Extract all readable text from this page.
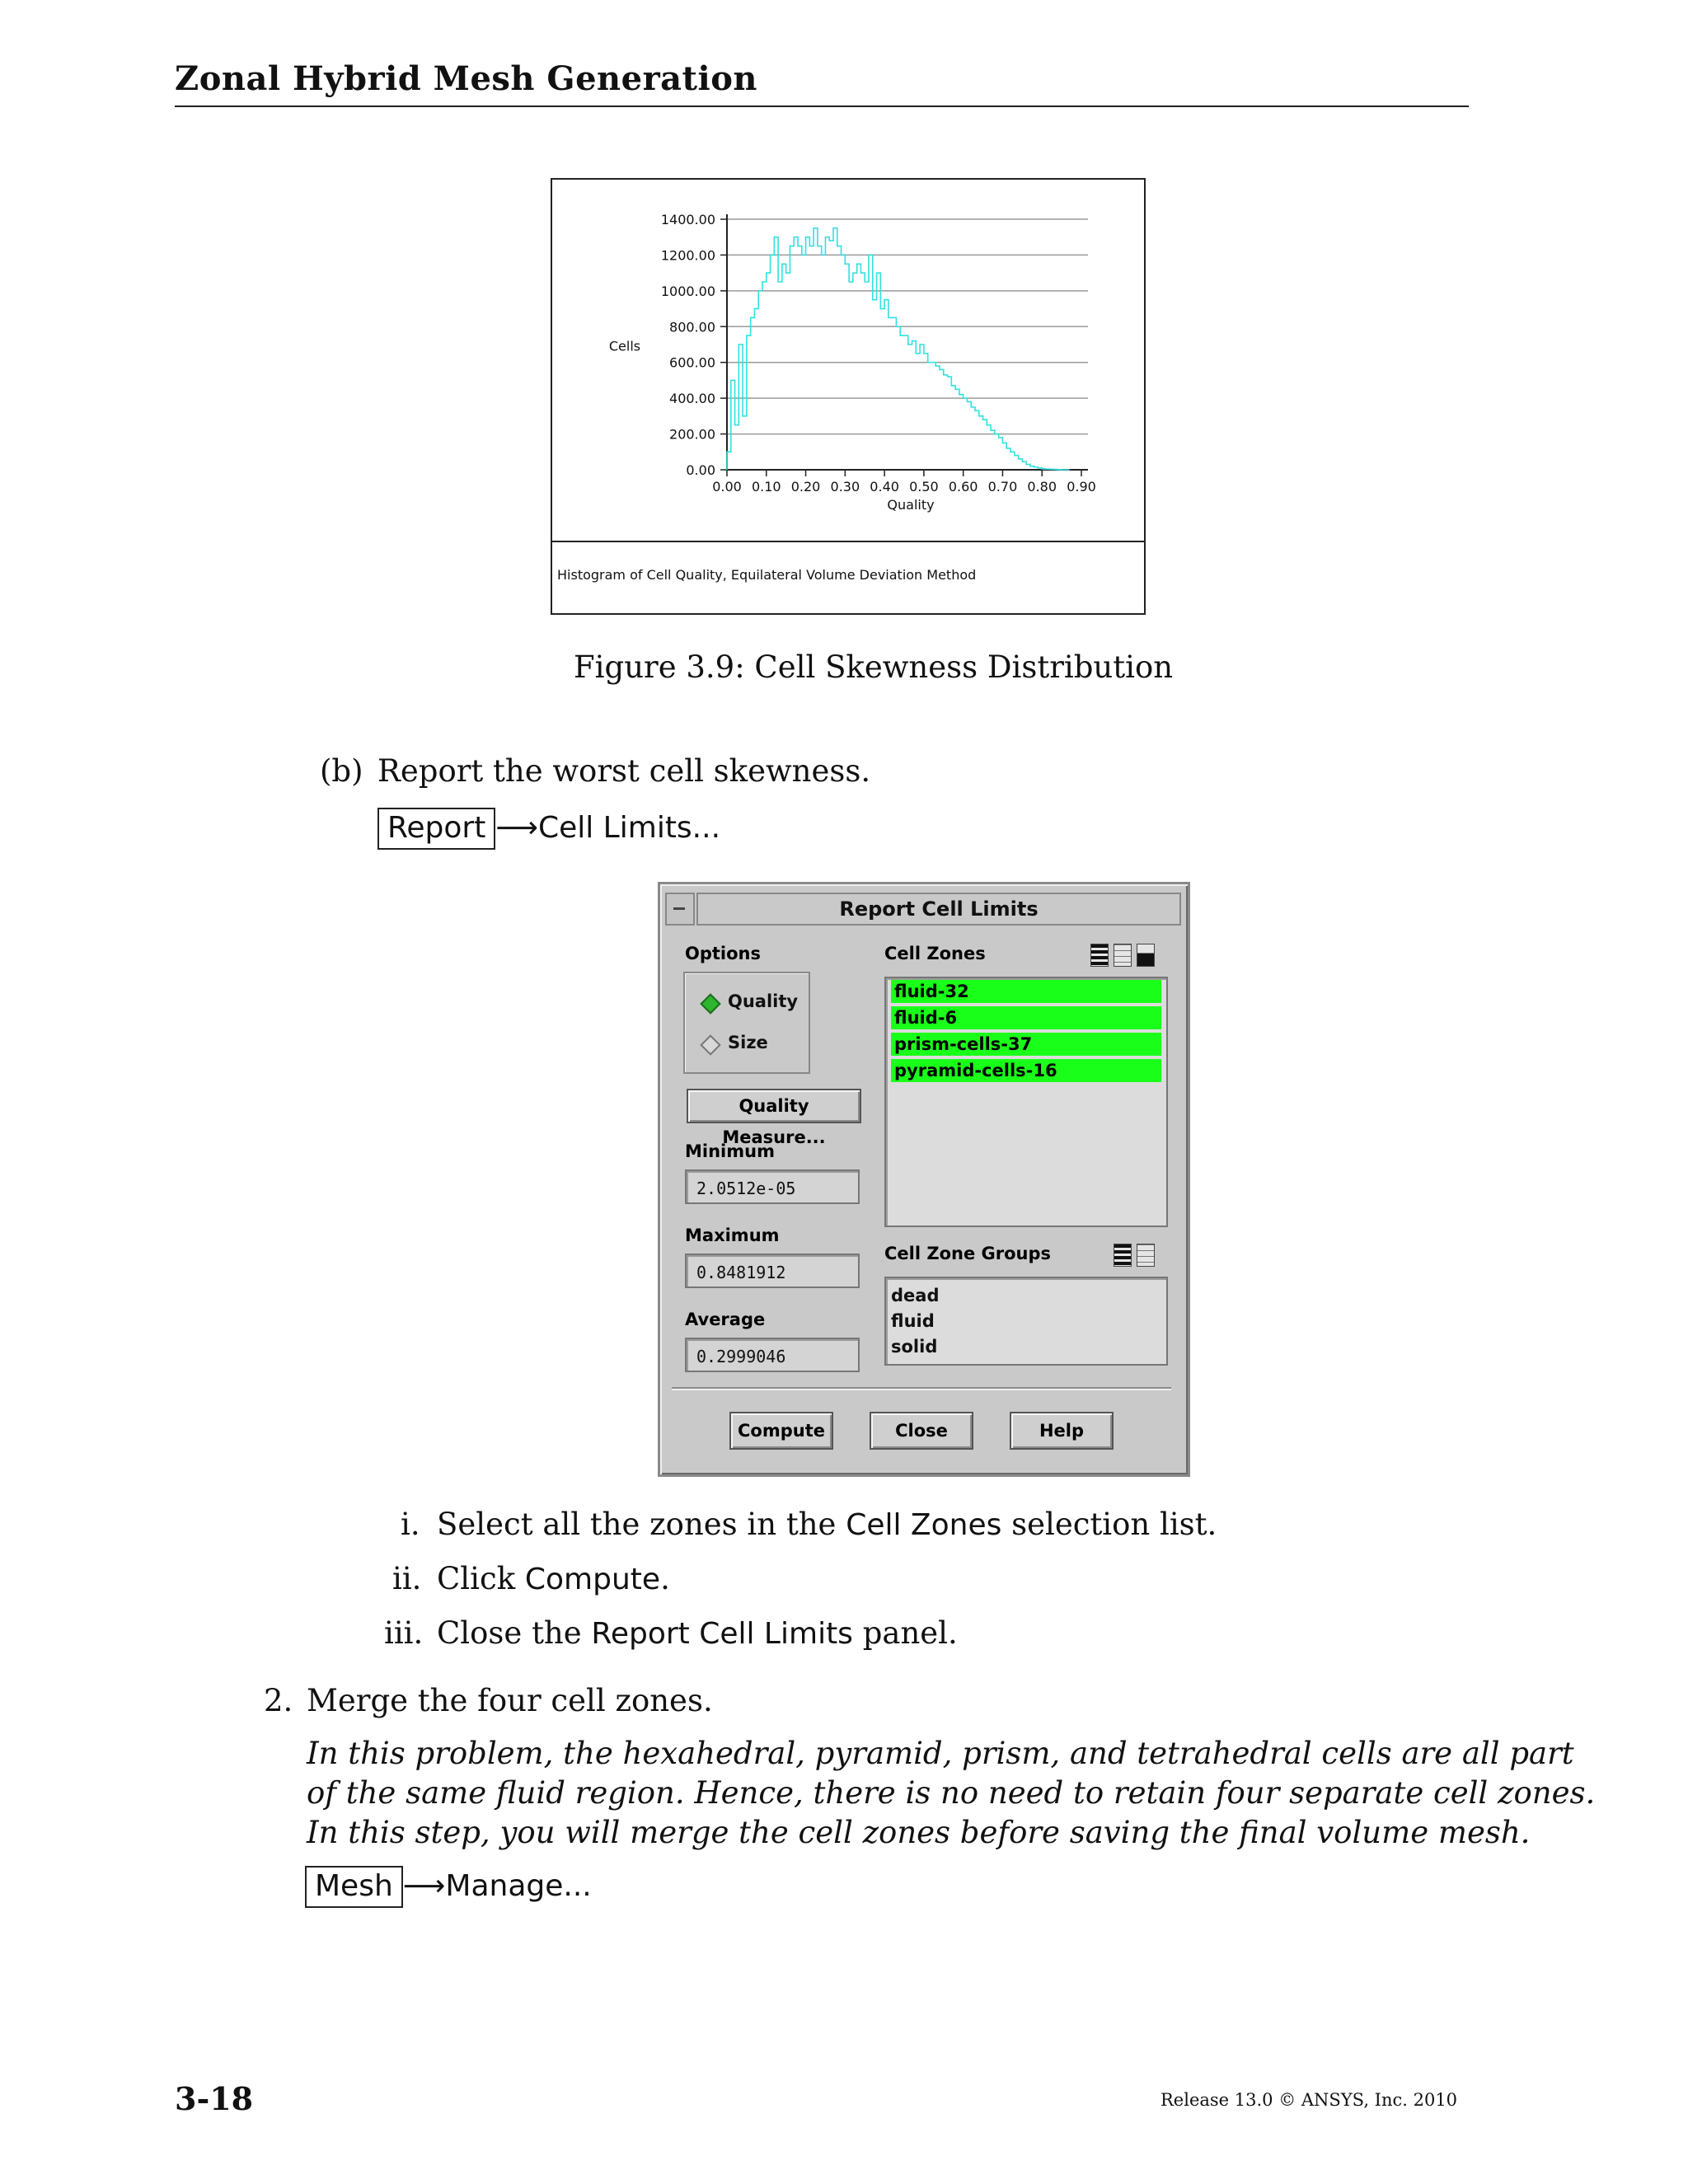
Zonal Hybrid Mesh Generation
0.00
200.00
400.00
600.00
800.00
1000.00
1200.00
1400.00
0.00 0.10 0.20 0.30 0.40 0.50 0.60 0.70 0.80 0.90
Quality
Cells
Histogram of Cell Quality, Equilateral Volume Deviation Method
Figure 3.9: Cell Skewness Distribution
(b) Report the worst cell skewness.
Report ⟶Cell Limits...
Report Cell Limits
Options
Quality
Size
Quality Measure...
Minimum
2.0512e-05
Maximum
0.8481912
Average
0.2999046
Cell Zones
fluid-32
fluid-6
prism-cells-37
pyramid-cells-16
Cell Zone Groups
dead
fluid
solid
Compute	Close	Help
i. Select all the zones in the Cell Zones selection list.
ii. Click Compute.
iii. Close the Report Cell Limits panel.
2. Merge the four cell zones.
In this problem, the hexahedral, pyramid, prism, and tetrahedral cells are all part
of the same fluid region. Hence, there is no need to retain four separate cell zones.
In this step, you will merge the cell zones before saving the final volume mesh.
Mesh ⟶Manage...
3-18	Release 13.0 © ANSYS, Inc. 2010
